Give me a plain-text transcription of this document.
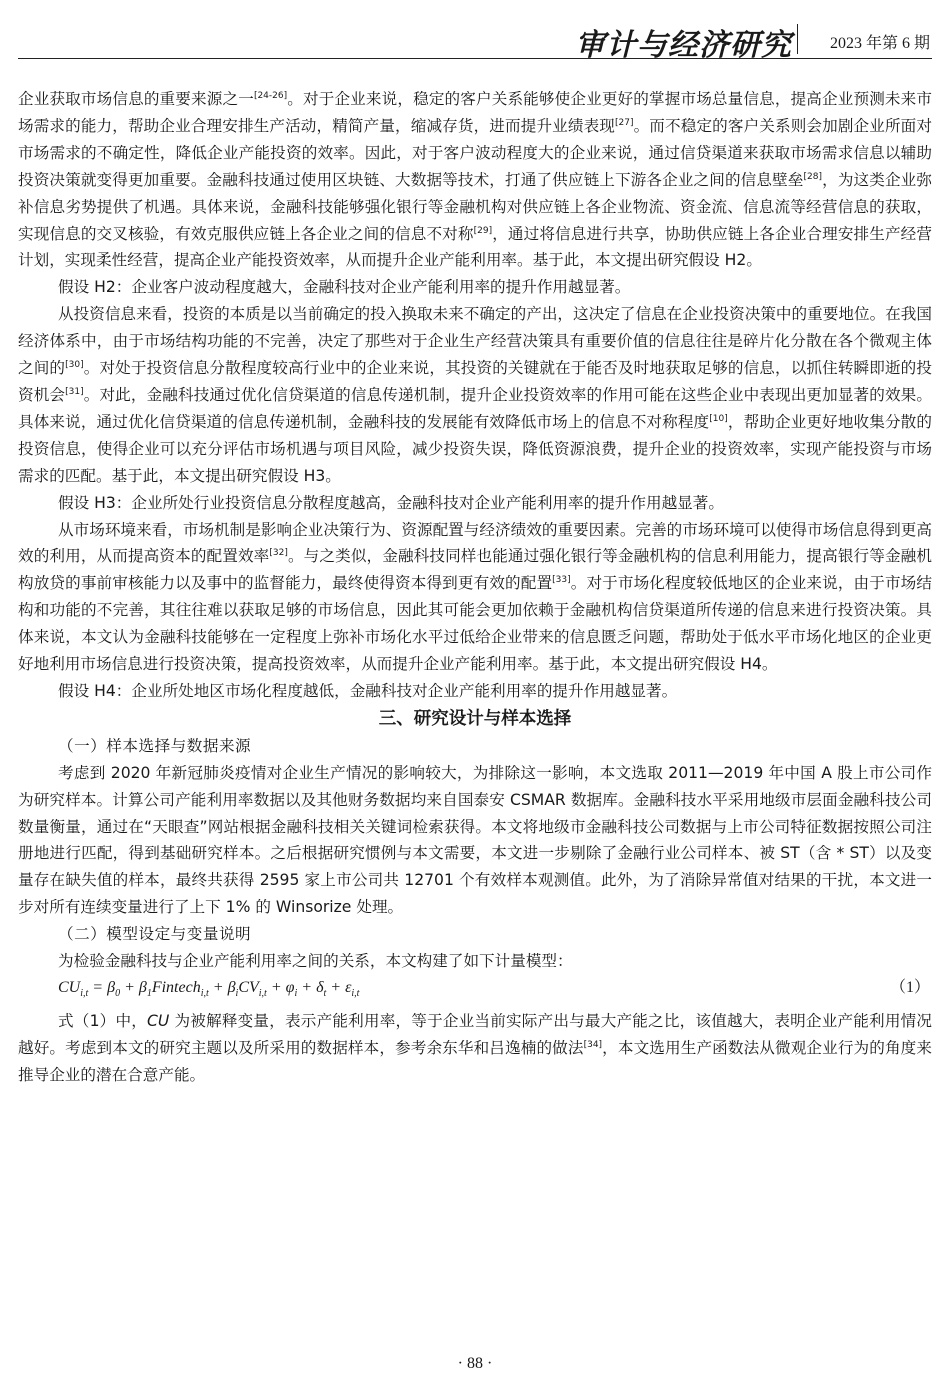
审计与经济研究 2023 年第 6 期

企业获取市场信息的重要来源之一[24-26]。对于企业来说，稳定的客户关系能够使企业更好的掌握市场总量信息，提高企业预测未来市场需求的能力，帮助企业合理安排生产活动，精简产量，缩减存货，进而提升业绩表现[27]。而不稳定的客户关系则会加剧企业所面对市场需求的不确定性，降低企业产能投资的效率。因此，对于客户波动程度大的企业来说，通过信贷渠道来获取市场需求信息以辅助投资决策就变得更加重要。金融科技通过使用区块链、大数据等技术，打通了供应链上下游各企业之间的信息壁垒[28]，为这类企业弥补信息劣势提供了机遇。具体来说，金融科技能够强化银行等金融机构对供应链上各企业物流、资金流、信息流等经营信息的获取，实现信息的交叉核验，有效克服供应链上各企业之间的信息不对称[29]，通过将信息进行共享，协助供应链上各企业合理安排生产经营计划，实现柔性经营，提高企业产能投资效率，从而提升企业产能利用率。基于此，本文提出研究假设 H2。

假设 H2：企业客户波动程度越大，金融科技对企业产能利用率的提升作用越显著。

从投资信息来看，投资的本质是以当前确定的投入换取未来不确定的产出，这决定了信息在企业投资决策中的重要地位。在我国经济体系中，由于市场结构功能的不完善，决定了那些对于企业生产经营决策具有重要价值的信息往往是碎片化分散在各个微观主体之间的[30]。对处于投资信息分散程度较高行业中的企业来说，其投资的关键就在于能否及时地获取足够的信息，以抓住转瞬即逝的投资机会[31]。对此，金融科技通过优化信贷渠道的信息传递机制，提升企业投资效率的作用可能在这些企业中表现出更加显著的效果。具体来说，通过优化信贷渠道的信息传递机制，金融科技的发展能有效降低市场上的信息不对称程度[10]，帮助企业更好地收集分散的投资信息，使得企业可以充分评估市场机遇与项目风险，减少投资失误，降低资源浪费，提升企业的投资效率，实现产能投资与市场需求的匹配。基于此，本文提出研究假设 H3。

假设 H3：企业所处行业投资信息分散程度越高，金融科技对企业产能利用率的提升作用越显著。

从市场环境来看，市场机制是影响企业决策行为、资源配置与经济绩效的重要因素。完善的市场环境可以使得市场信息得到更高效的利用，从而提高资本的配置效率[32]。与之类似，金融科技同样也能通过强化银行等金融机构的信息利用能力，提高银行等金融机构放贷的事前审核能力以及事中的监督能力，最终使得资本得到更有效的配置[33]。对于市场化程度较低地区的企业来说，由于市场结构和功能的不完善，其往往难以获取足够的市场信息，因此其可能会更加依赖于金融机构信贷渠道所传递的信息来进行投资决策。具体来说，本文认为金融科技能够在一定程度上弥补市场化水平过低给企业带来的信息匮乏问题，帮助处于低水平市场化地区的企业更好地利用市场信息进行投资决策，提高投资效率，从而提升企业产能利用率。基于此，本文提出研究假设 H4。

假设 H4：企业所处地区市场化程度越低，金融科技对企业产能利用率的提升作用越显著。

三、研究设计与样本选择

（一）样本选择与数据来源

考虑到 2020 年新冠肺炎疫情对企业生产情况的影响较大，为排除这一影响，本文选取 2011—2019 年中国 A 股上市公司作为研究样本。计算公司产能利用率数据以及其他财务数据均来自国泰安 CSMAR 数据库。金融科技水平采用地级市层面金融科技公司数量衡量，通过在“天眼查”网站根据金融科技相关关键词检索获得。本文将地级市金融科技公司数据与上市公司特征数据按照公司注册地进行匹配，得到基础研究样本。之后根据研究惯例与本文需要，本文进一步剔除了金融行业公司样本、被 ST（含 * ST）以及变量存在缺失值的样本，最终共获得 2595 家上市公司共 12701 个有效样本观测值。此外，为了消除异常值对结果的干扰，本文进一步对所有连续变量进行了上下 1% 的 Winsorize 处理。

（二）模型设定与变量说明

为检验金融科技与企业产能利用率之间的关系，本文构建了如下计量模型：

$CU_{i,t} = \beta_0$ + $\beta_1Fintech_{i,t} + \beta_iCV_{i,t} + \varphi_i + \delta_t + \varepsilon_{i,t}$	（1）

式（1）中，CU 为被解释变量，表示产能利用率，等于企业当前实际产出与最大产能之比，该值越大，表明企业产能利用情况越好。考虑到本文的研究主题以及所采用的数据样本，参考余东华和吕逸楠的做法[34]，本文选用生产函数法从微观企业行为的角度来推导企业的潜在合意产能。

· 88 ·
